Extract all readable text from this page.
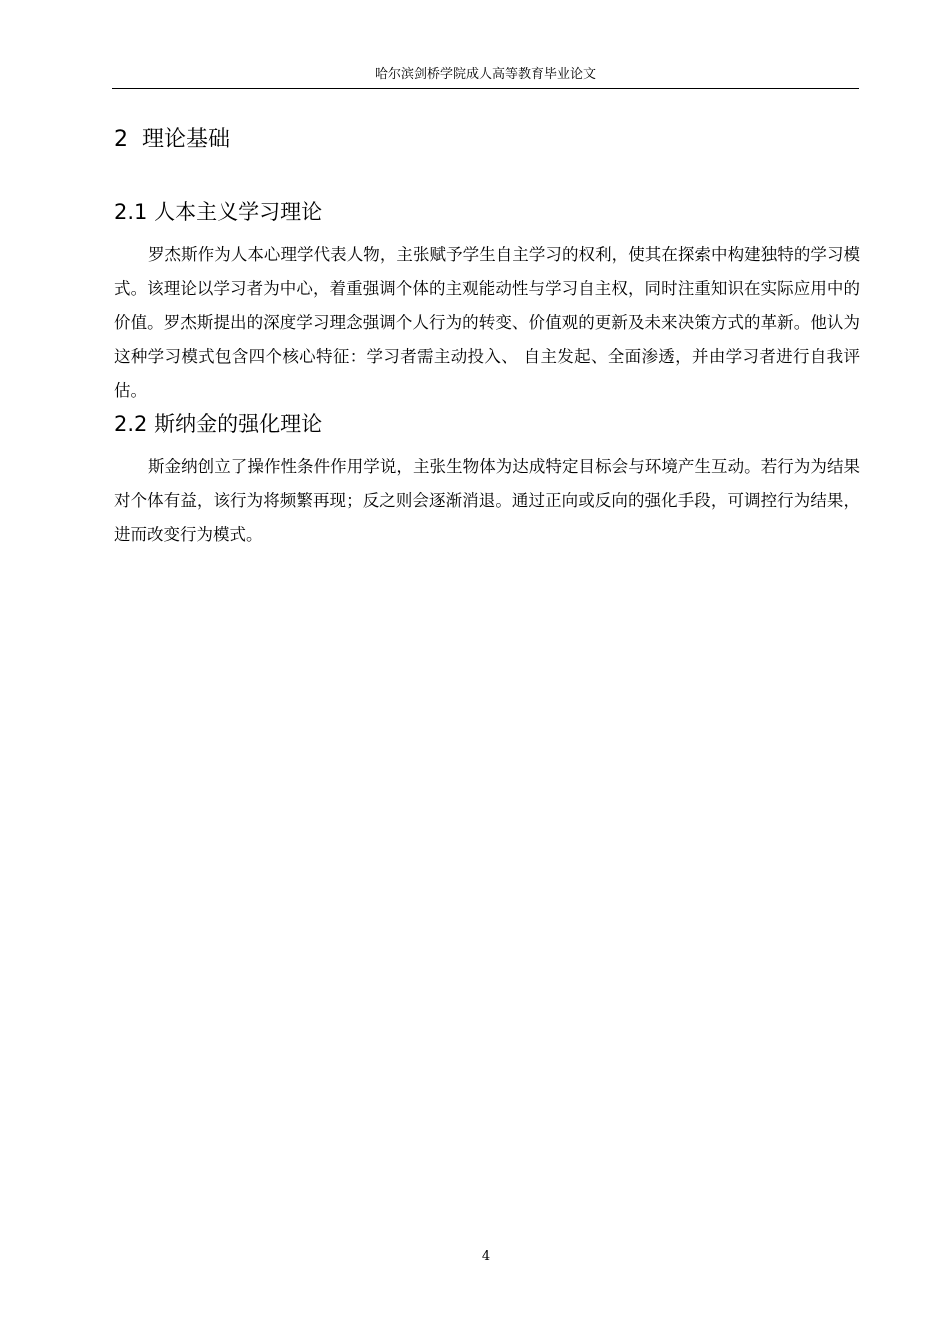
哈尔滨剑桥学院成人高等教育毕业论文
2  理论基础
2.1 人本主义学习理论

罗杰斯作为人本心理学代表人物，主张赋予学生自主学习的权利，使其在探索中构建独特的学习模式。该理论以学习者为中心，着重强调个体的主观能动性与学习自主权，同时注重知识在实际应用中的价值。罗杰斯提出的深度学习理念强调个人行为的转变、价值观的更新及未来决策方式的革新。他认为这种学习模式包含四个核心特征：学习者需主动投入、 自主发起、全面渗透，并由学习者进行自我评估。

2.2 斯纳金的强化理论

斯金纳创立了操作性条件作用学说，主张生物体为达成特定目标会与环境产生互动。若行为为结果对个体有益，该行为将频繁再现；反之则会逐渐消退。通过正向或反向的强化手段，可调控行为结果，进而改变行为模式。

4
